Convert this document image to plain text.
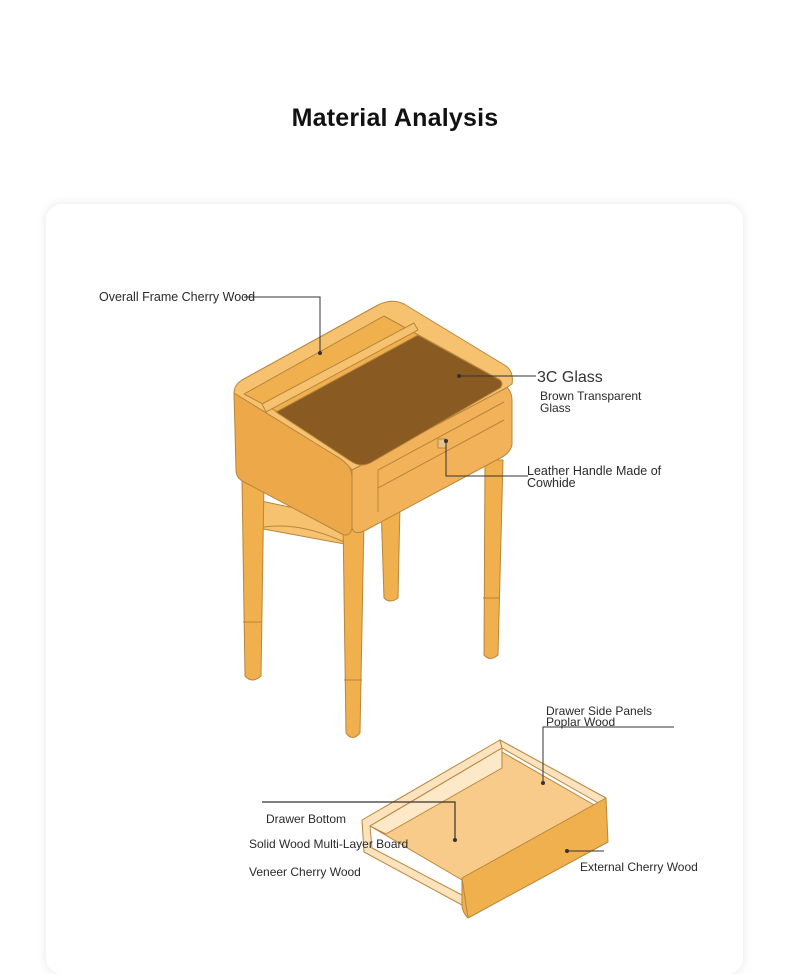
Material Analysis
Overall Frame Cherry Wood
3C Glass
Brown Transparent
Glass
Leather Handle Made of
Cowhide
Drawer Side Panels
Poplar Wood
Drawer Bottom
Solid Wood Multi-Layer Board
Veneer Cherry Wood	External Cherry Wood
